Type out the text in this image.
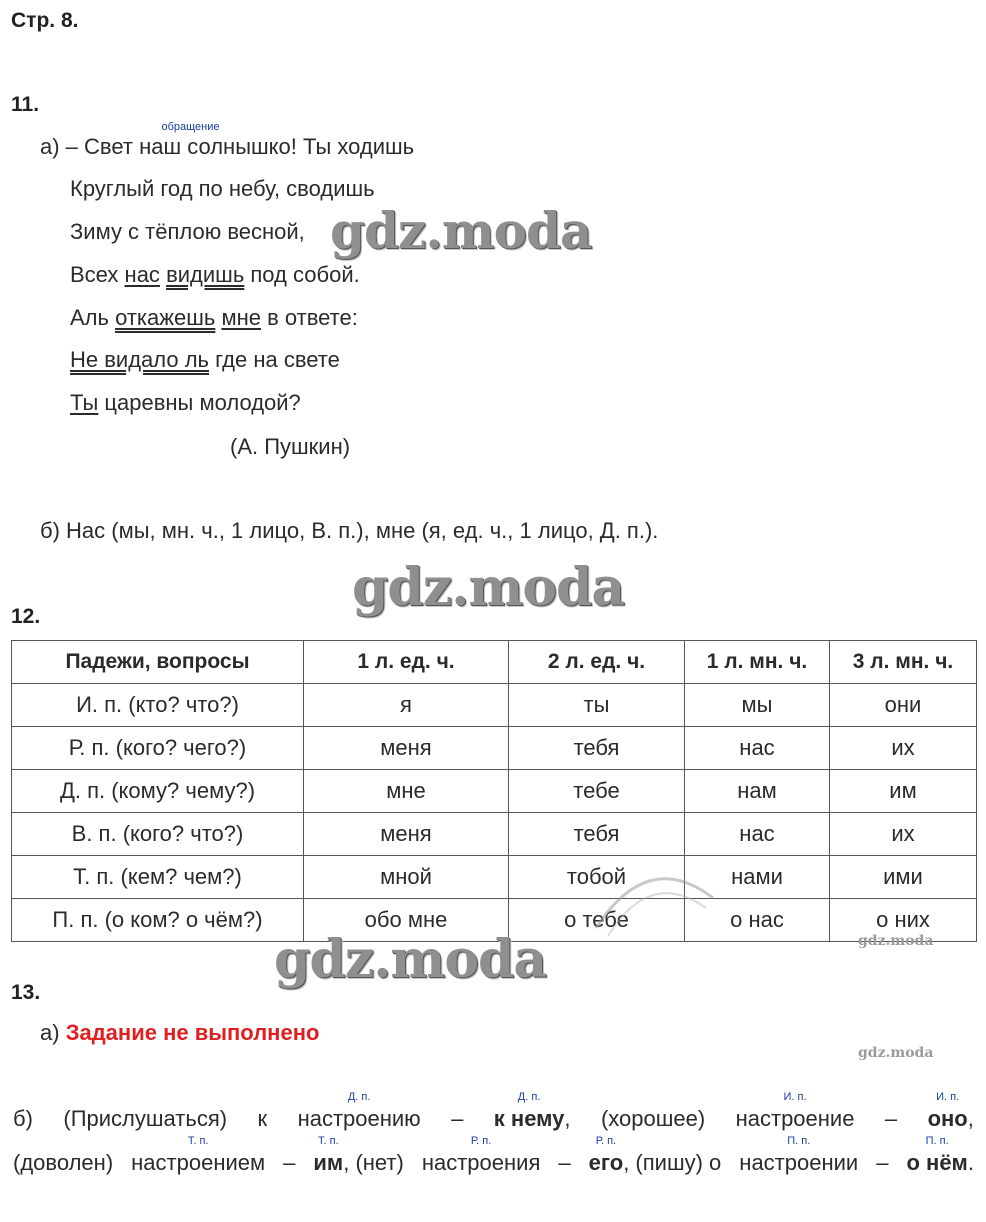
Стр. 8.
11.
а) –
обращение
Свет наш солнышко! Ты ходишь
Круглый год по небу, сводишь
Зиму с тёплою весной,
Всех нас видишь под собой.
Аль откажешь мне в ответе:
Не видало ль где на свете
Ты царевны молодой?
(А. Пушкин)
б) Нас (мы, мн. ч., 1 лицо, В. п.), мне (я, ед. ч., 1 лицо, Д. п.).
12.
Падежи, вопросы	1 л. ед. ч.	2 л. ед. ч.	1 л. мн. ч.	3 л. мн. ч.
И. п. (кто? что?)	я	ты	мы	они
Р. п. (кого? чего?)	меня	тебя	нас	их
Д. п. (кому? чему?)	мне	тебе	нам	им
В. п. (кого? что?)	меня	тебя	нас	их
Т. п. (кем? чем?)	мной	тобой	нами	ими
П. п. (о ком? о чём?)	обо мне	о тебе	о нас	о них
13.
а) Задание не выполнено
б) (Прислушаться) к
Д. п.
настроению –
Д. п.
к нему, (хорошее)
И. п.
настроение –
И. п.
оно,
(доволен)
Т. п.
настроением –
Т. п.
им, (нет)
Р. п.
настроения –
Р. п.
его, (пишу) о
П. п.
настроении –
П. п.
о нём.
gdz.moda
gdz.moda
gdz.moda	gdz.moda
gdz.moda
